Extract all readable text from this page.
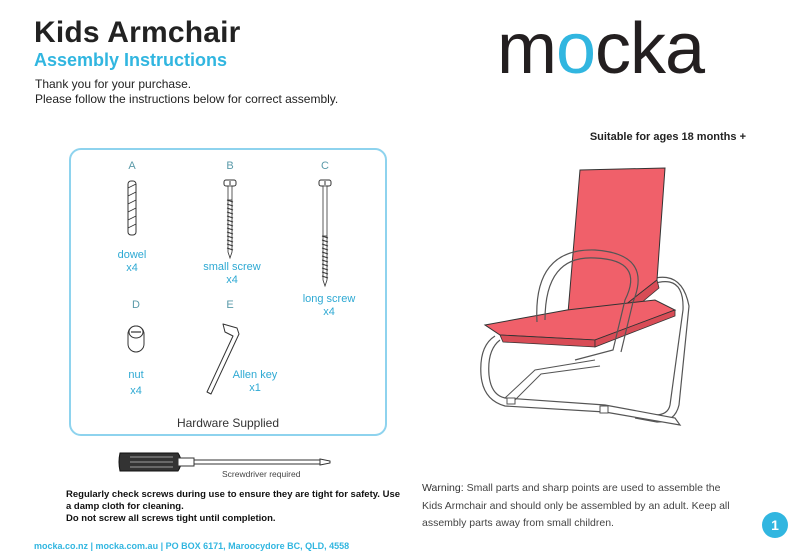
Kids Armchair
Assembly Instructions
Thank you for your purchase.
Please follow the instructions below for correct assembly.
mocka
Suitable for ages 18 months +
A
dowel
x4
B
small screw
x4
C
long screw
x4
D
nut
x4
E
Allen key
x1
Hardware Supplied
Screwdriver required
Regularly check screws during use to ensure they are tight for safety. Use
a damp cloth for cleaning.
Do not screw all screws tight until completion.
Warning: Small parts and sharp points are used to assemble the Kids Armchair and should only be assembled by an adult. Keep all assembly parts away from small children.
mocka.co.nz | mocka.com.au | PO BOX 6171, Maroocydore BC, QLD, 4558
1
